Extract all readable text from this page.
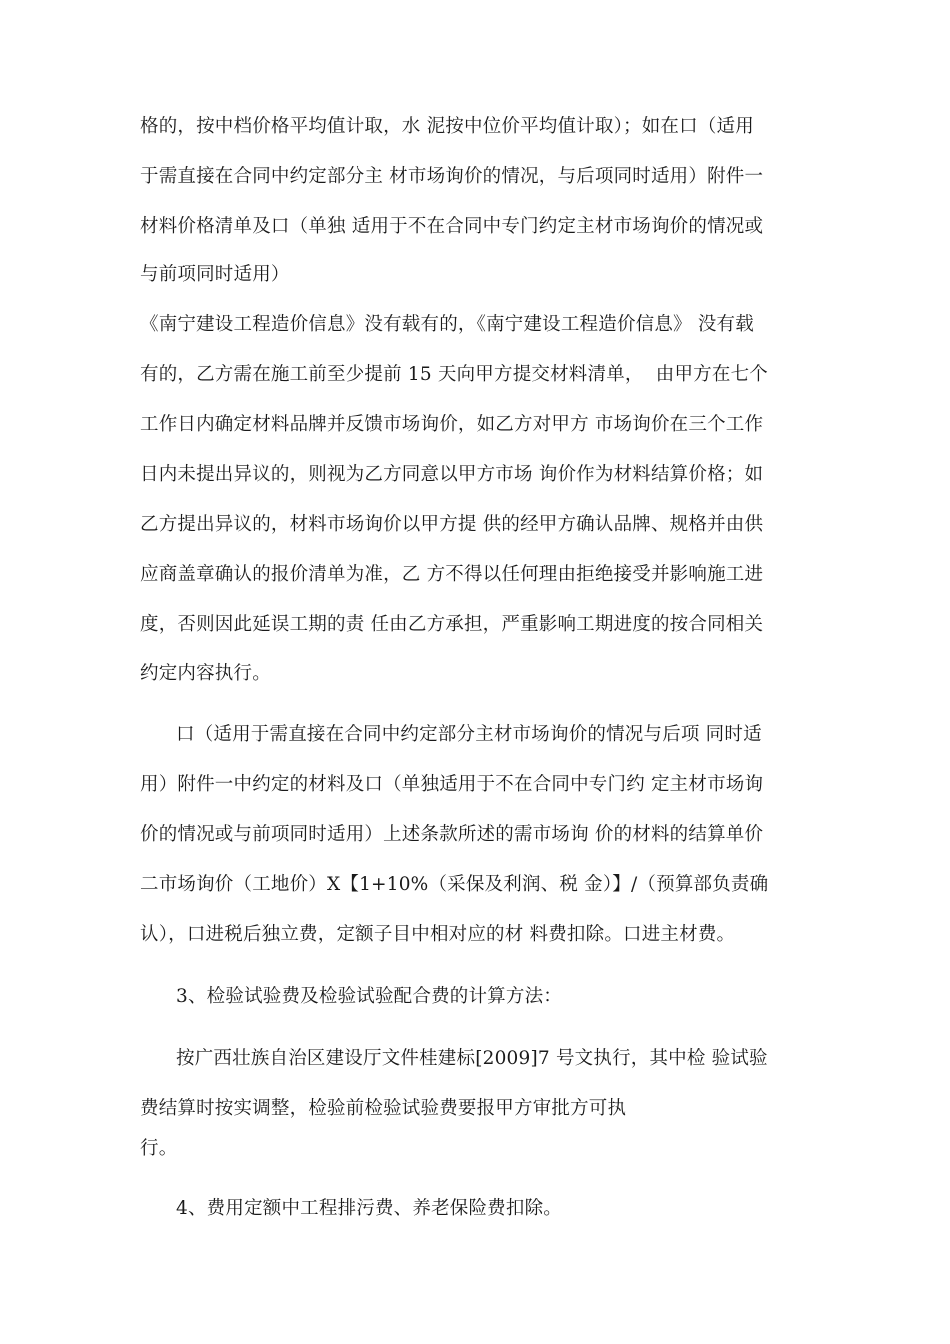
格的，按中档价格平均值计取，水 泥按中位价平均值计取）；如在口（适用

于需直接在合同中约定部分主 材市场询价的情况，与后项同时适用）附件一

材料价格清单及口（单独 适用于不在合同中专门约定主材市场询价的情况或

与前项同时适用）

《南宁建设工程造价信息》没有载有的，《南宁建设工程造价信息》 没有载

有的，乙方需在施工前至少提前 15 天向甲方提交材料清单，  由甲方在七个

工作日内确定材料品牌并反馈市场询价，如乙方对甲方 市场询价在三个工作

日内未提出异议的，则视为乙方同意以甲方市场 询价作为材料结算价格；如

乙方提出异议的，材料市场询价以甲方提 供的经甲方确认品牌、规格并由供

应商盖章确认的报价清单为准，乙 方不得以任何理由拒绝接受并影响施工进

度，否则因此延误工期的责 任由乙方承担，严重影响工期进度的按合同相关

约定内容执行。

口（适用于需直接在合同中约定部分主材市场询价的情况与后项 同时适

用）附件一中约定的材料及口（单独适用于不在合同中专门约 定主材市场询

价的情况或与前项同时适用）上述条款所述的需市场询 价的材料的结算单价

二市场询价（工地价）X【1+10%（采保及利润、税 金）】/（预算部负责确

认），口进税后独立费，定额子目中相对应的材 料费扣除。口进主材费。

3、检验试验费及检验试验配合费的计算方法：

按广西壮族自治区建设厅文件桂建标[2009]7 号文执行，其中检 验试验

费结算时按实调整，检验前检验试验费要报甲方审批方可执

行。

4、费用定额中工程排污费、养老保险费扣除。
